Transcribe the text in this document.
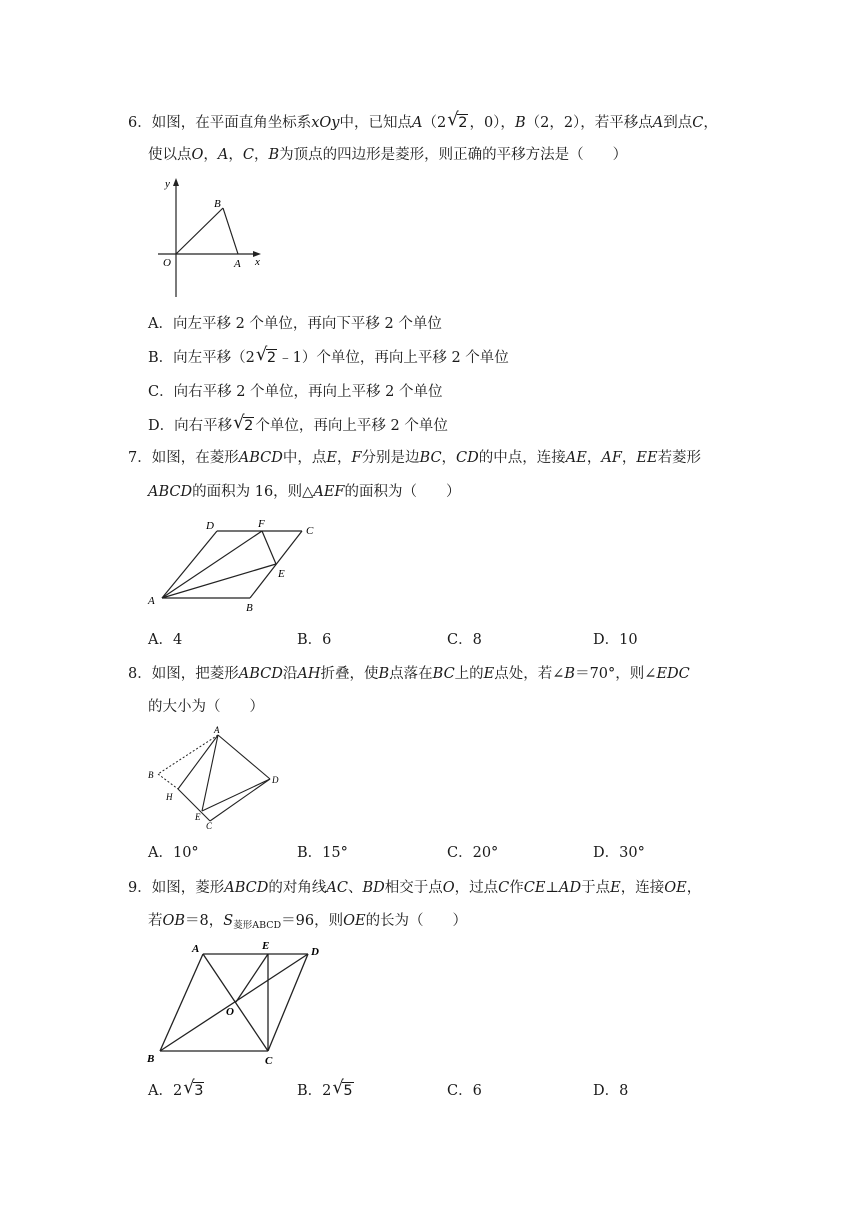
6．如图，在平面直角坐标系xOy中，已知点A（2 √ 2 ，0），B（2，2），若平移点A到点C，
使以点O，A，C，B为顶点的四边形是菱形，则正确的平移方法是（　　）
y
x
O	A
B
A．向左平移 2 个单位，再向下平移 2 个单位
B．向左平移（2 √ 2 ﹣1）个单位，再向上平移 2 个单位
C．向右平移 2 个单位，再向上平移 2 个单位
D．向右平移 √ 2 个单位，再向上平移 2 个单位
7．如图，在菱形ABCD中，点E，F分别是边BC，CD的中点，连接AE，AF，EE若菱形
ABCD的面积为 16，则△AEF的面积为（　　）
A
B
C
D
E
F
A．4	B．6	C．8	D．10
8．如图，把菱形ABCD沿AH折叠，使B点落在BC上的E点处，若∠B＝70°，则∠EDC
的大小为（　　）
A
B
C
D
E
H
A．10°	B．15°	C．20°	D．30°
9．如图，菱形ABCD的对角线AC、BD相交于点O，过点C作CE⊥AD于点E，连接OE，
若OB＝8，$S_{菱形ABCD}=96$，则OE的长为（　　）
A
B	C
D
E
O
A．2 √ 3	B．2 √ 5	C．6	D．8
